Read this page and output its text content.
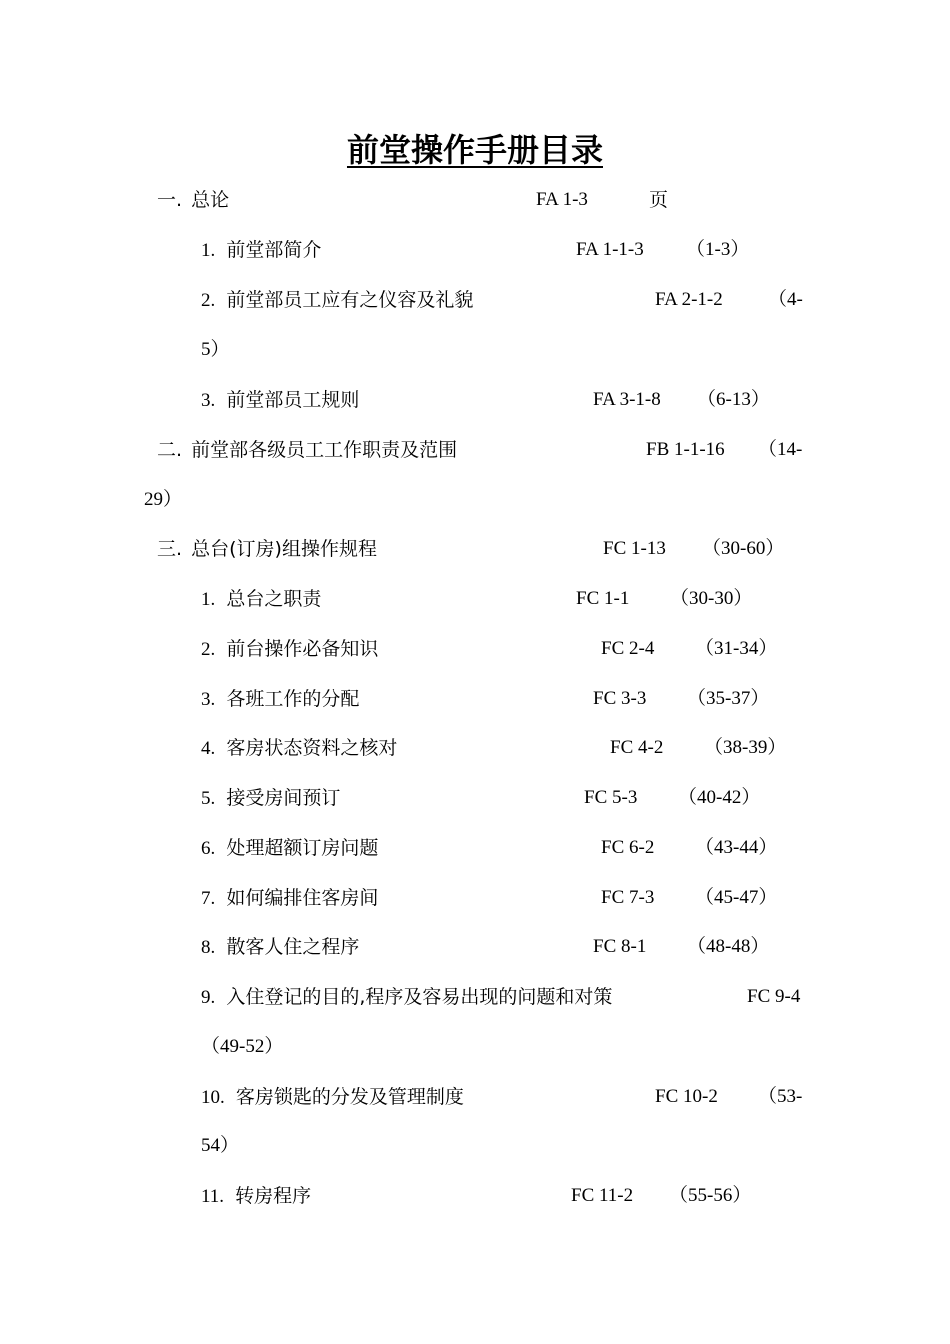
前堂操作手册目录
一. 总论	FA 1-3	页
1. 前堂部简介	FA 1-1-3 （1-3）
2. 前堂部员工应有之仪容及礼貌	FA 2-1-2 （4-
5）
3. 前堂部员工规则	FA 3-1-8 （6-13）
二. 前堂部各级员工工作职责及范围	FB 1-1-16 （14-
29）
三. 总台(订房)组操作规程	FC 1-13 （30-60）
1. 总台之职责	FC 1-1 （30-30）
2. 前台操作必备知识	FC 2-4 （31-34）
3. 各班工作的分配	FC 3-3 （35-37）
4. 客房状态资料之核对	FC 4-2 （38-39）
5. 接受房间预订	FC 5-3 （40-42）
6. 处理超额订房问题	FC 6-2 （43-44）
7. 如何编排住客房间	FC 7-3 （45-47）
8. 散客人住之程序	FC 8-1 （48-48）
9. 入住登记的目的,程序及容易出现的问题和对策	FC 9-4
（49-52）
10. 客房锁匙的分发及管理制度	FC 10-2 （53-
54）
11. 转房程序	FC 11-2 （55-56）
